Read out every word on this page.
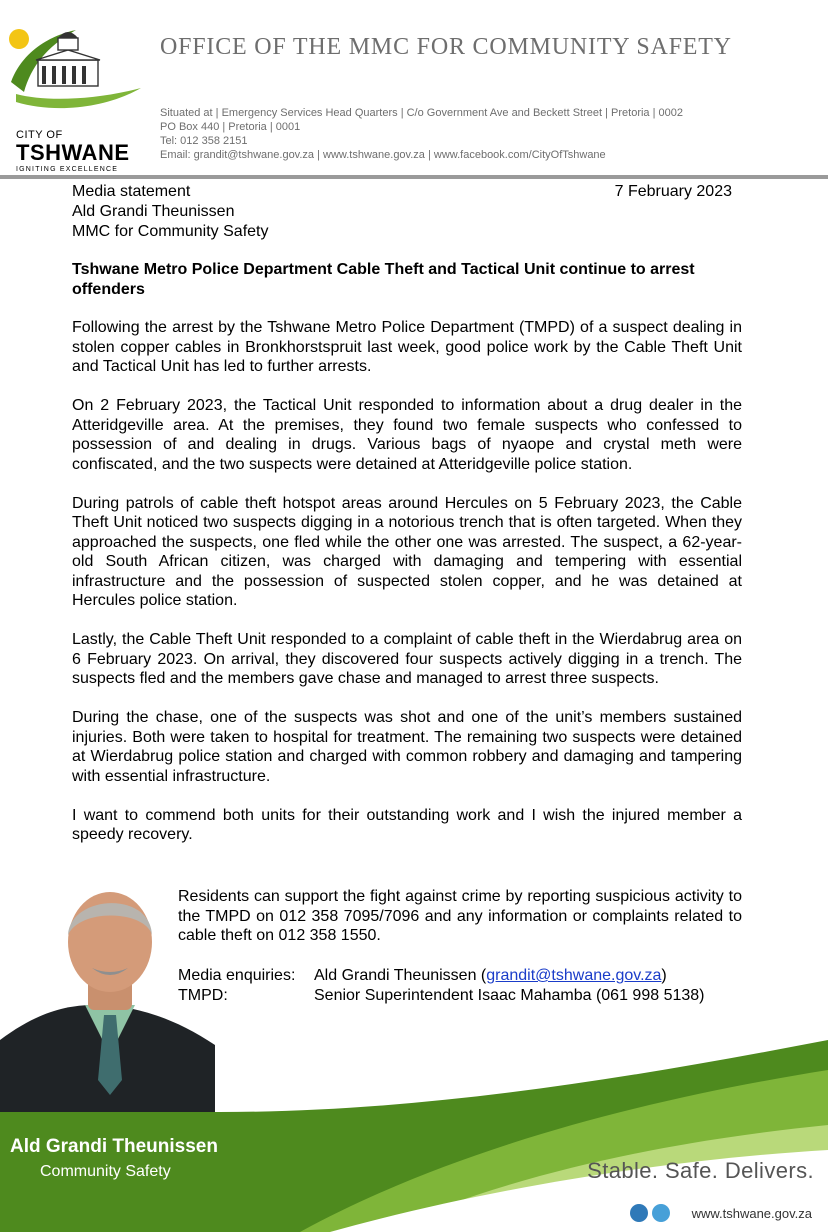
CITY OF
TSHWANE
IGNITING EXCELLENCE
OFFICE OF THE MMC FOR COMMUNITY SAFETY
Situated at | Emergency Services Head Quarters | C/o Government Ave and Beckett Street | Pretoria | 0002
PO Box 440 | Pretoria | 0001
Tel: 012 358 2151
Email: grandit@tshwane.gov.za | www.tshwane.gov.za | www.facebook.com/CityOfTshwane
Media statement
Ald Grandi Theunissen
MMC for Community Safety
7 February 2023
Tshwane Metro Police Department Cable Theft and Tactical Unit continue to arrest offenders

Following the arrest by the Tshwane Metro Police Department (TMPD) of a suspect dealing in stolen copper cables in Bronkhorstspruit last week, good police work by the Cable Theft Unit and Tactical Unit has led to further arrests.

On 2 February 2023, the Tactical Unit responded to information about a drug dealer in the Atteridgeville area. At the premises, they found two female suspects who confessed to possession of and dealing in drugs. Various bags of nyaope and crystal meth were confiscated, and the two suspects were detained at Atteridgeville police station.

During patrols of cable theft hotspot areas around Hercules on 5 February 2023, the Cable Theft Unit noticed two suspects digging in a notorious trench that is often targeted. When they approached the suspects, one fled while the other one was arrested. The suspect, a 62-year-old South African citizen, was charged with damaging and tempering with essential infrastructure and the possession of suspected stolen copper, and he was detained at Hercules police station.

Lastly, the Cable Theft Unit responded to a complaint of cable theft in the Wierdabrug area on 6 February 2023. On arrival, they discovered four suspects actively digging in a trench. The suspects fled and the members gave chase and managed to arrest three suspects.

During the chase, one of the suspects was shot and one of the unit’s members sustained injuries. Both were taken to hospital for treatment. The remaining two suspects were detained at Wierdabrug police station and charged with common robbery and damaging and tampering with essential infrastructure.

I want to commend both units for their outstanding work and I wish the injured member a speedy recovery.

Residents can support the fight against crime by reporting suspicious activity to the TMPD on 012 358 7095/7096 and any information or complaints related to cable theft on 012 358 1550.
Media enquiries:	Ald Grandi Theunissen (grandit@tshwane.gov.za)
TMPD:	Senior Superintendent Isaac Mahamba (061 998 5138)
Ald Grandi Theunissen
Community Safety	Stable. Safe. Delivers.
www.tshwane.gov.za
